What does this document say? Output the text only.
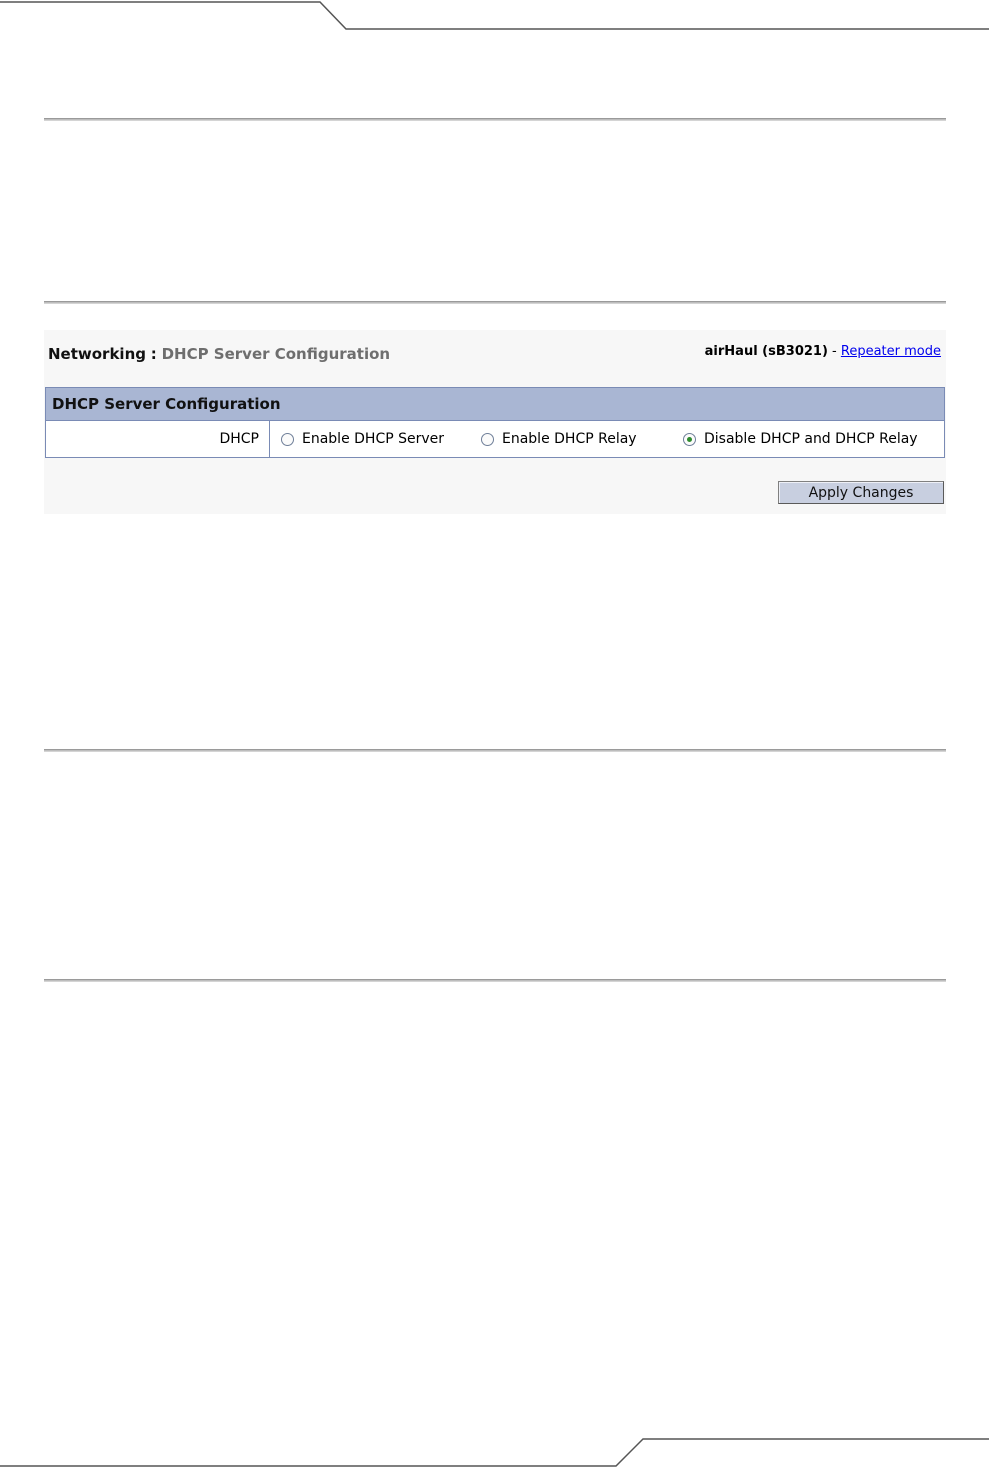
Networking : DHCP Server Configuration	airHaul (sB3021) - Repeater mode
DHCP Server Configuration
DHCP	Enable DHCP Server	Enable DHCP Relay	Disable DHCP and DHCP Relay
Apply Changes
